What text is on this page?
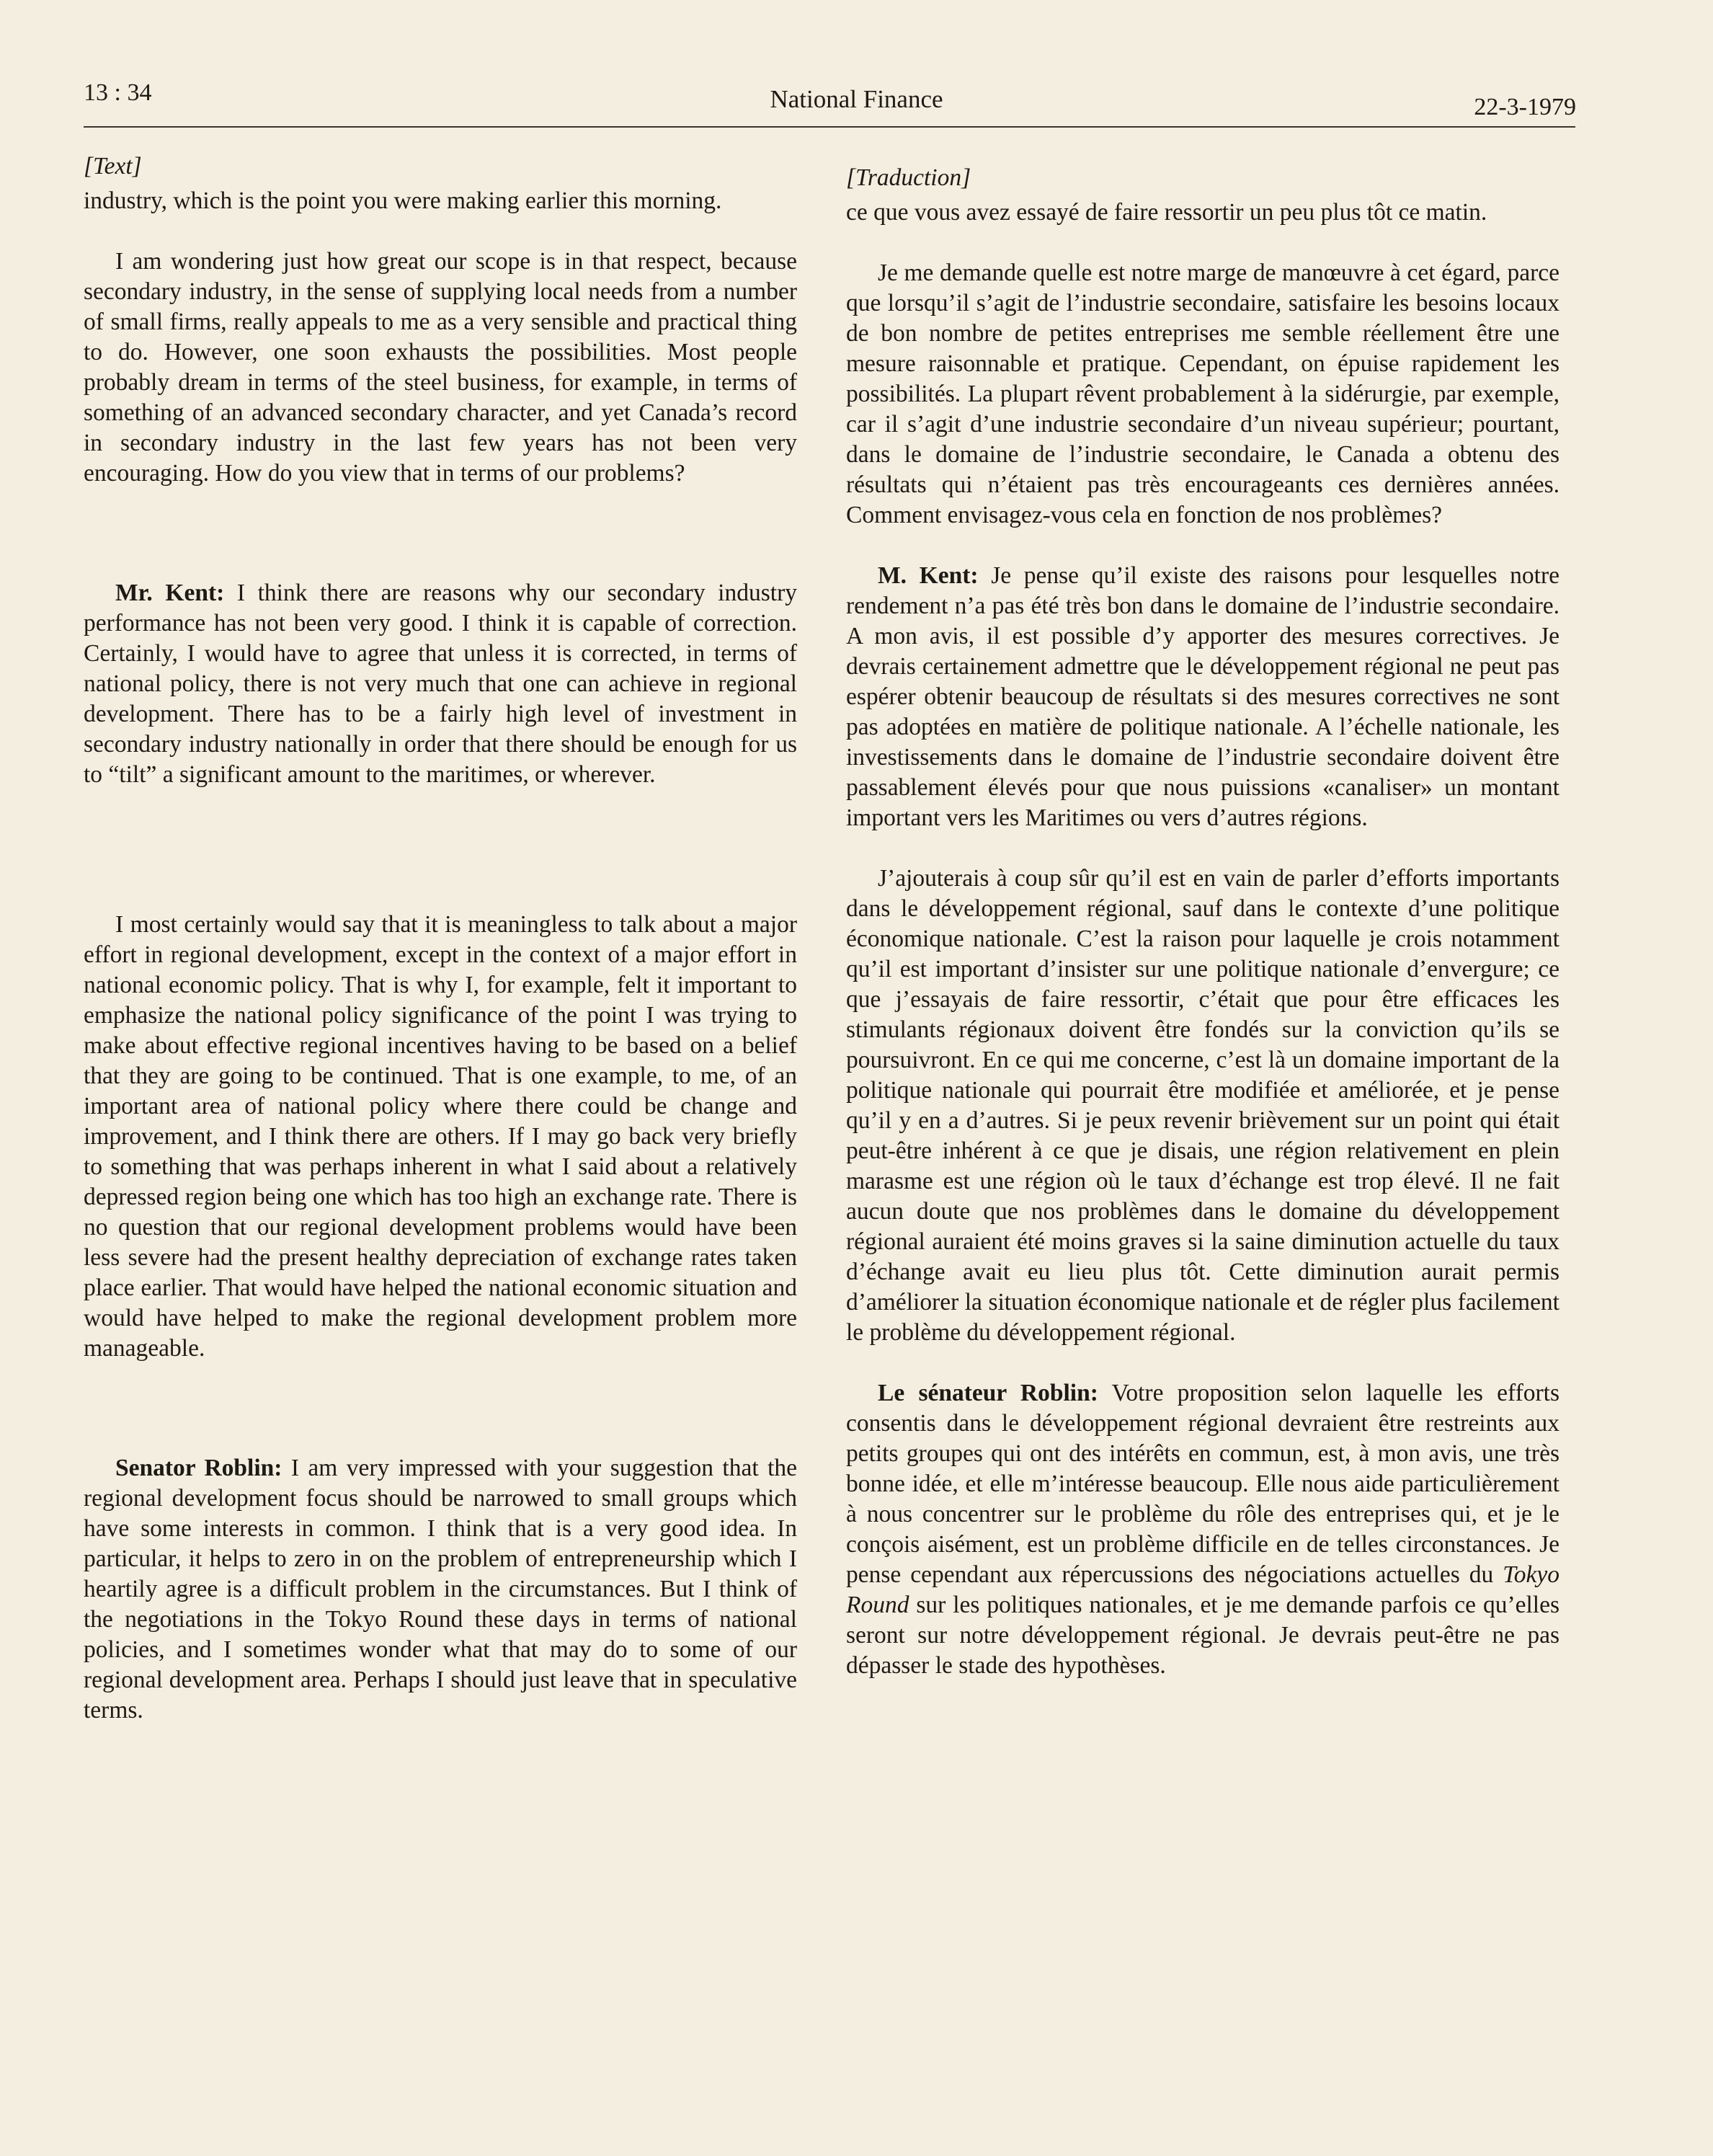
13 : 34	National Finance	22-3-1979
[Text]

industry, which is the point you were making earlier this morning.

I am wondering just how great our scope is in that respect, because secondary industry, in the sense of supplying local needs from a number of small firms, really appeals to me as a very sensible and practical thing to do. However, one soon exhausts the possibilities. Most people probably dream in terms of the steel business, for example, in terms of something of an advanced secondary character, and yet Canada’s record in secondary industry in the last few years has not been very encouraging. How do you view that in terms of our problems?

Mr. Kent: I think there are reasons why our secondary industry performance has not been very good. I think it is capable of correction. Certainly, I would have to agree that unless it is corrected, in terms of national policy, there is not very much that one can achieve in regional development. There has to be a fairly high level of investment in secondary industry nationally in order that there should be enough for us to “tilt” a significant amount to the maritimes, or wherever.

I most certainly would say that it is meaningless to talk about a major effort in regional development, except in the context of a major effort in national economic policy. That is why I, for example, felt it important to emphasize the national policy significance of the point I was trying to make about effective regional incentives having to be based on a belief that they are going to be continued. That is one example, to me, of an important area of national policy where there could be change and improvement, and I think there are others. If I may go back very briefly to something that was perhaps inherent in what I said about a relatively depressed region being one which has too high an exchange rate. There is no question that our regional development problems would have been less severe had the present healthy depreciation of exchange rates taken place earlier. That would have helped the national economic situation and would have helped to make the regional development problem more manageable.

Senator Roblin: I am very impressed with your suggestion that the regional development focus should be narrowed to small groups which have some interests in common. I think that is a very good idea. In particular, it helps to zero in on the problem of entrepreneurship which I heartily agree is a difficult problem in the circumstances. But I think of the negotiations in the Tokyo Round these days in terms of national policies, and I sometimes wonder what that may do to some of our regional development area. Perhaps I should just leave that in speculative terms.

[Traduction]

ce que vous avez essayé de faire ressortir un peu plus tôt ce matin.

Je me demande quelle est notre marge de manœuvre à cet égard, parce que lorsqu’il s’agit de l’industrie secondaire, satisfaire les besoins locaux de bon nombre de petites entreprises me semble réellement être une mesure raisonnable et pratique. Cependant, on épuise rapidement les possibilités. La plupart rêvent probablement à la sidérurgie, par exemple, car il s’agit d’une industrie secondaire d’un niveau supérieur; pourtant, dans le domaine de l’industrie secondaire, le Canada a obtenu des résultats qui n’étaient pas très encourageants ces dernières années. Comment envisagez-vous cela en fonction de nos problèmes?

M. Kent: Je pense qu’il existe des raisons pour lesquelles notre rendement n’a pas été très bon dans le domaine de l’industrie secondaire. A mon avis, il est possible d’y apporter des mesures correctives. Je devrais certainement admettre que le développement régional ne peut pas espérer obtenir beaucoup de résultats si des mesures correctives ne sont pas adoptées en matière de politique nationale. A l’échelle nationale, les investissements dans le domaine de l’industrie secondaire doivent être passablement élevés pour que nous puissions «canaliser» un montant important vers les Maritimes ou vers d’autres régions.

J’ajouterais à coup sûr qu’il est en vain de parler d’efforts importants dans le développement régional, sauf dans le contexte d’une politique économique nationale. C’est la raison pour laquelle je crois notamment qu’il est important d’insister sur une politique nationale d’envergure; ce que j’essayais de faire ressortir, c’était que pour être efficaces les stimulants régionaux doivent être fondés sur la conviction qu’ils se poursuivront. En ce qui me concerne, c’est là un domaine important de la politique nationale qui pourrait être modifiée et améliorée, et je pense qu’il y en a d’autres. Si je peux revenir brièvement sur un point qui était peut-être inhérent à ce que je disais, une région relativement en plein marasme est une région où le taux d’échange est trop élevé. Il ne fait aucun doute que nos problèmes dans le domaine du développement régional auraient été moins graves si la saine diminution actuelle du taux d’échange avait eu lieu plus tôt. Cette diminution aurait permis d’améliorer la situation économique nationale et de régler plus facilement le problème du développement régional.

Le sénateur Roblin: Votre proposition selon laquelle les efforts consentis dans le développement régional devraient être restreints aux petits groupes qui ont des intérêts en commun, est, à mon avis, une très bonne idée, et elle m’intéresse beaucoup. Elle nous aide particulièrement à nous concentrer sur le problème du rôle des entreprises qui, et je le conçois aisément, est un problème difficile en de telles circonstances. Je pense cependant aux répercussions des négociations actuelles du Tokyo Round sur les politiques nationales, et je me demande parfois ce qu’elles seront sur notre développement régional. Je devrais peut-être ne pas dépasser le stade des hypothèses.
